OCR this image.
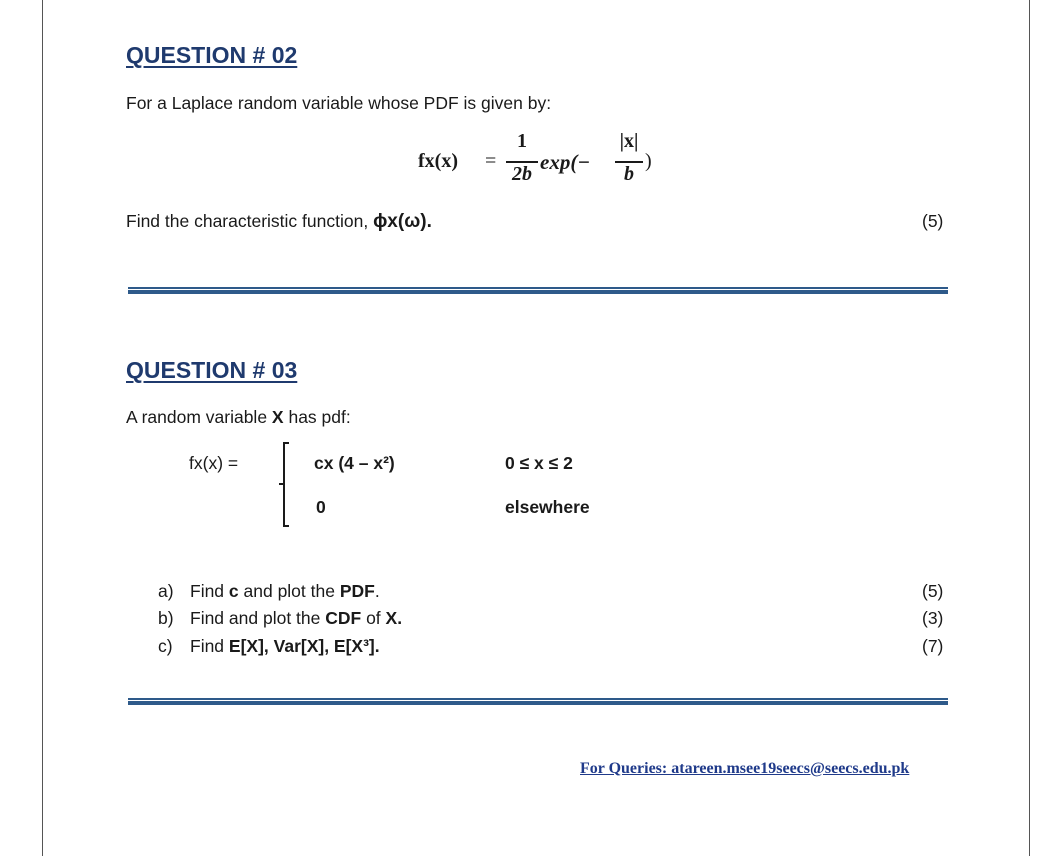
QUESTION # 02
For a Laplace random variable whose PDF is given by:
fx(x) =
1
2b exp(−
|x|
b
)
Find the characteristic function, ϕx(ω).	(5)
QUESTION # 03
A random variable X has pdf:
fx(x) =	cx (4 – x²)	0 ≤ x ≤ 2
0	elsewhere
a) Find c and plot the PDF.	(5)
b) Find and plot the CDF of X.	(3)
c) Find E[X], Var[X], E[X³].	(7)
For Queries: atareen.msee19seecs@seecs.edu.pk
